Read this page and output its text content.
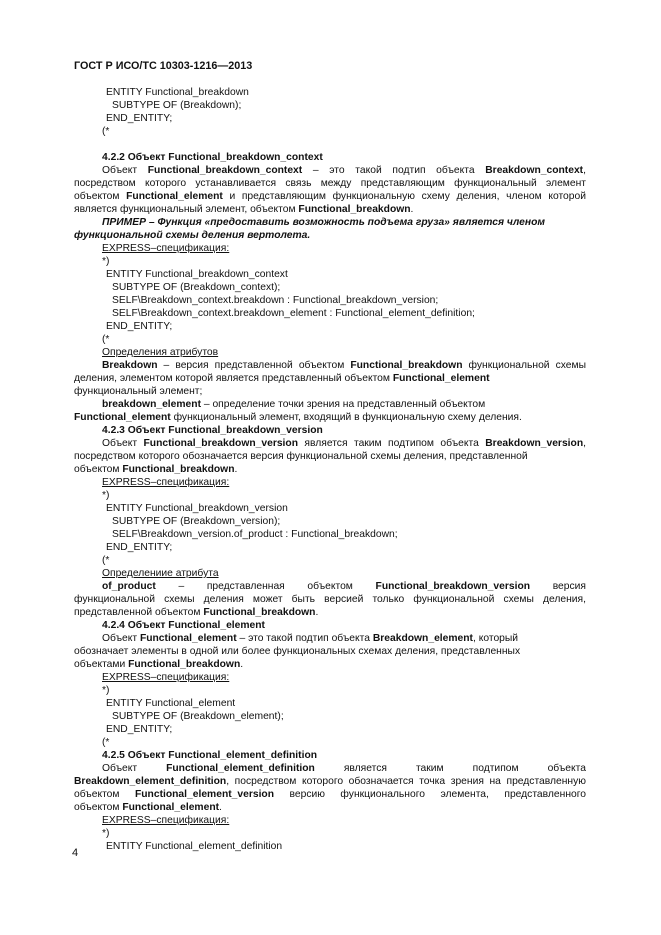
ГОСТ Р ИСО/ТС 10303-1216—2013
ENTITY Functional_breakdown
SUBTYPE OF (Breakdown);
END_ENTITY;
(*
4.2.2 Объект Functional_breakdown_context
Объект Functional_breakdown_context – это такой подтип объекта Breakdown_context,
посредством которого устанавливается связь между представляющим функциональный элемент
объектом Functional_element и представляющим функциональную схему деления, членом которой
является функциональный элемент, объектом Functional_breakdown.
ПРИМЕР – Функция «предоставить возможность подъема груза» является членом
функциональной схемы деления вертолета.
EXPRESS–спецификация:
*)
ENTITY Functional_breakdown_context
SUBTYPE OF (Breakdown_context);
SELF\Breakdown_context.breakdown : Functional_breakdown_version;
SELF\Breakdown_context.breakdown_element : Functional_element_definition;
END_ENTITY;
(*
Определения атрибутов
Breakdown – версия представленной объектом Functional_breakdown функциональной схемы
деления, элементом которой является представленный объектом Functional_element
функциональный элемент;
breakdown_element – определение точки зрения на представленный объектом
Functional_element функциональный элемент, входящий в функциональную схему деления.
4.2.3 Объект Functional_breakdown_version
Объект Functional_breakdown_version является таким подтипом объекта Breakdown_version,
посредством которого обозначается версия функциональной схемы деления, представленной
объектом Functional_breakdown.
EXPRESS–спецификация:
*)
ENTITY Functional_breakdown_version
SUBTYPE OF (Breakdown_version);
SELF\Breakdown_version.of_product : Functional_breakdown;
END_ENTITY;
(*
Определениие атрибута
of_product – представленная объектом Functional_breakdown_version версия
функциональной схемы деления может быть версией только функциональной схемы деления,
представленной объектом Functional_breakdown.
4.2.4 Объект Functional_element
Объект Functional_element – это такой подтип объекта Breakdown_element, который
обозначает элементы в одной или более функциональных схемах деления, представленных
объектами Functional_breakdown.
EXPRESS–спецификация:
*)
ENTITY Functional_element
SUBTYPE OF (Breakdown_element);
END_ENTITY;
(*
4.2.5 Объект Functional_element_definition
Объект Functional_element_definition является таким подтипом объекта
Breakdown_element_definition, посредством которого обозначается точка зрения на представленную
объектом Functional_element_version версию функционального элемента, представленного
объектом Functional_element.
EXPRESS–спецификация:
*)
ENTITY Functional_element_definition
4
